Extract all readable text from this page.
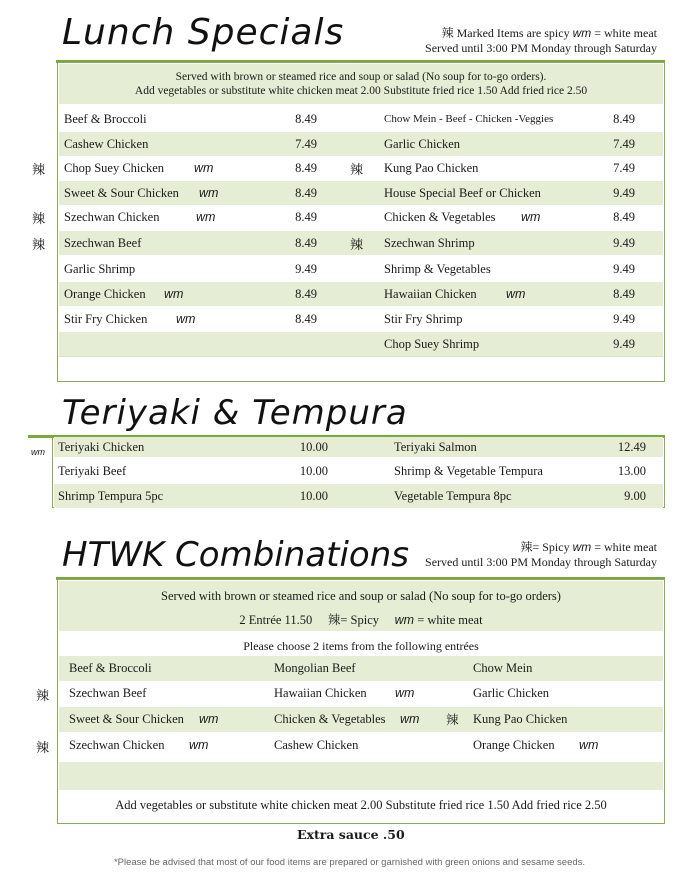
Lunch Specials	辣 Marked Items are spicy wm = white meat
Served until 3:00 PM Monday through Saturday
Served with brown or steamed rice and soup or salad (No soup for to-go orders).
Add vegetables or substitute white chicken meat 2.00 Substitute fried rice 1.50 Add fried rice 2.50
Beef & Broccoli	8.49	Chow Mein - Beef - Chicken -Veggies	8.49
Cashew Chicken	7.49	Garlic Chicken	7.49
Chop Suey Chicken wm	8.49	Kung Pao Chicken	7.49
辣	辣
Sweet & Sour Chicken wm	8.49	House Special Beef or Chicken	9.49
Szechwan Chicken	wm	8.49	Chicken & Vegetables wm	8.49
辣
Szechwan Beef	8.49	Szechwan Shrimp	9.49
辣	辣
Garlic Shrimp	9.49	Shrimp & Vegetables	9.49
Orange Chicken wm	8.49	Hawaiian Chicken wm	8.49
Stir Fry Chicken wm	8.49	Stir Fry Shrimp	9.49
Chop Suey Shrimp	9.49
Teriyaki & Tempura
wm Teriyaki Chicken	10.00	Teriyaki Salmon	12.49
Teriyaki Beef	10.00	Shrimp & Vegetable Tempura	13.00
Shrimp Tempura 5pc	10.00	Vegetable Tempura 8pc	9.00
HTWK Combinations	辣= Spicy wm = white meat
Served until 3:00 PM Monday through Saturday
Served with brown or steamed rice and soup or salad (No soup for to-go orders)
2 Entrée 11.50 辣= Spicy wm = white meat
Please choose 2 items from the following entrées
Beef & Broccoli	Mongolian Beef	Chow Mein
Szechwan Beef	Hawaiian Chicken wm	Garlic Chicken
辣
Sweet & Sour Chicken wm	Chicken & Vegetables wm 辣 Kung Pao Chicken
Szechwan Chicken wm	Cashew Chicken	Orange Chicken wm
辣
Add vegetables or substitute white chicken meat 2.00 Substitute fried rice 1.50 Add fried rice 2.50
Extra sauce .50
*Please be advised that most of our food items are prepared or garnished with green onions and sesame seeds.
